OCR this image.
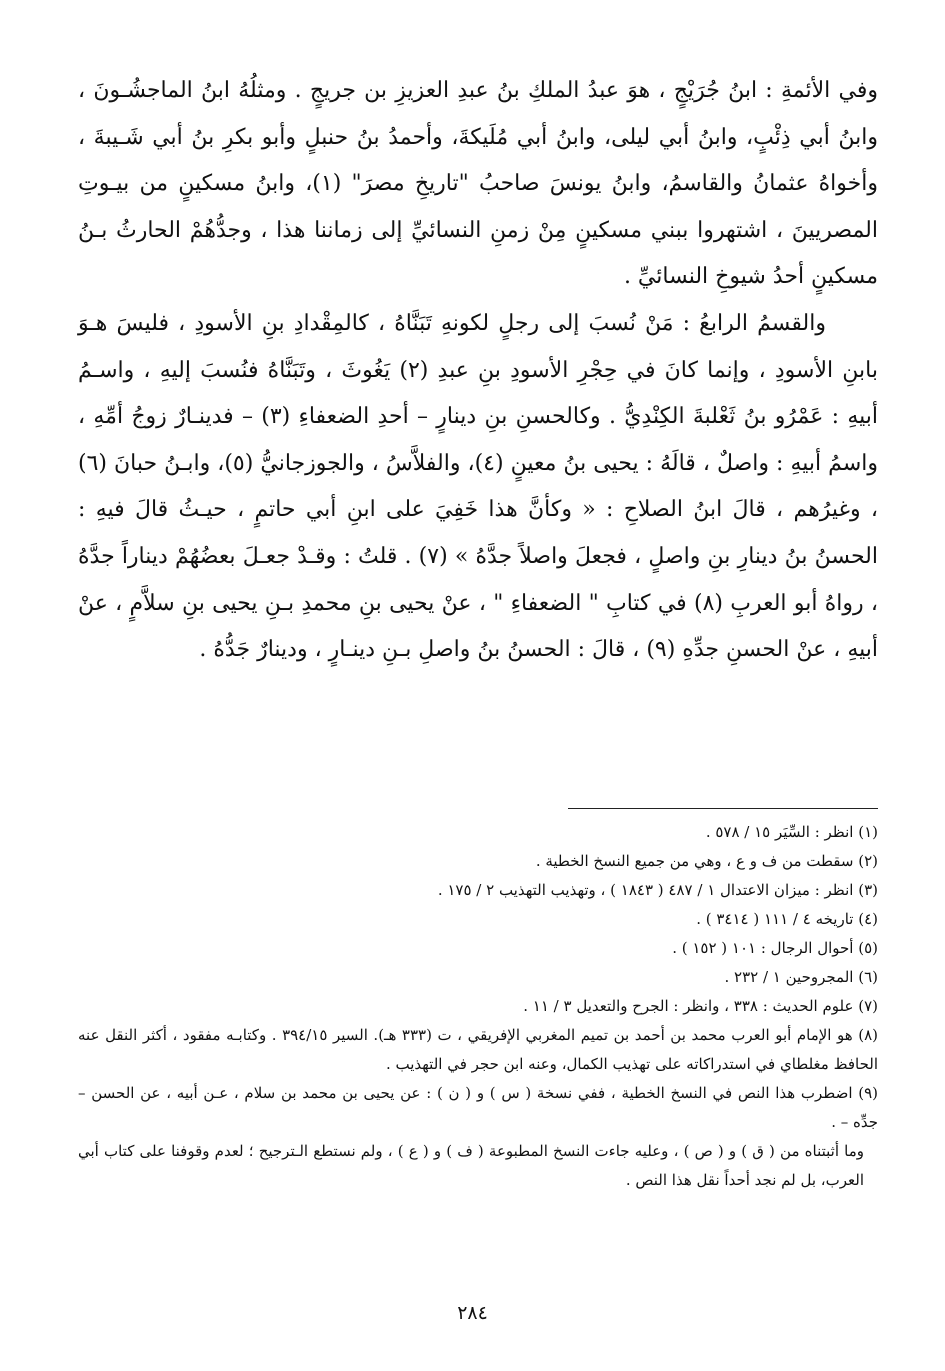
وفي الأئمةِ : ابنُ جُرَيْجٍ ، هوَ عبدُ الملكِ بنُ عبدِ العزيزِ بن جريجٍ . ومثلُهُ ابنُ الماجشُـونَ ، وابنُ أبي ذِئْبٍ، وابنُ أبي ليلى، وابنُ أبي مُلَيكةَ، وأحمدُ بنُ حنبلٍ وأبو بكرِ بنُ أبي شَـيبةَ ، وأخواهُ عثمانُ والقاسمُ، وابنُ يونسَ صاحبُ "تاريخِ مصرَ" (١)، وابنُ مسكينٍ من بيـوتِ المصريينَ ، اشتهروا ببني مسكينٍ مِنْ زمنِ النسائيِّ إلى زماننا هذا ، وجدُّهُمْ الحارثُ بـنُ مسكينٍ أحدُ شيوخِ النسائيِّ .

والقسمُ الرابعُ : مَنْ نُسبَ إلى رجلٍ لكونهِ تَبَنَّاهُ ، كالمِقْدادِ بنِ الأسودِ ، فليسَ هـوَ بابنِ الأسودِ ، وإنما كانَ في حِجْرِ الأسودِ بنِ عبدِ (٢) يَغُوثَ ، وتَبَنَّاهُ فنُسبَ إليهِ ، واسـمُ أبيهِ : عَمْرُو بنُ ثَعْلبةَ الكِنْدِيُّ . وكالحسنِ بنِ دينارٍ – أحدِ الضعفاءِ (٣) – فدينـارٌ زوجُ أمِّهِ ، واسمُ أبيهِ : واصلٌ ، قالَهُ : يحيى بنُ معينٍ (٤)، والفلاَّسُ ، والجوزجانيُّ (٥)، وابـنُ حبانَ (٦) ، وغيرُهم ، قالَ ابنُ الصلاحِ : « وكأنَّ هذا خَفِيَ على ابنِ أبي حاتمٍ ، حيـثُ قالَ فيهِ : الحسنُ بنُ دينارِ بنِ واصلٍ ، فجعلَ واصلاً جدَّهُ » (٧) . قلتُ : وقـدْ جعـلَ بعضُهُمْ ديناراً جدَّهُ ، رواهُ أبو العربِ (٨) في كتابِ " الضعفاءِ " ، عنْ يحيى بنِ محمدِ بـنِ يحيى بنِ سلاَّمٍ ، عنْ أبيهِ ، عنْ الحسنِ جدِّهِ (٩) ، قالَ : الحسنُ بنُ واصلِ بـنِ دينـارٍ ، ودينارٌ جَدُّهُ .

(١) انظر : السِّيَر ١٥ / ٥٧٨ .

(٢) سقطت من ف و ع ، وهي من جميع النسخ الخطية .

(٣) انظر : ميزان الاعتدال ١ / ٤٨٧ ( ١٨٤٣ ) ، وتهذيب التهذيب ٢ / ١٧٥ .

(٤) تاريخه ٤ / ١١١ ( ٣٤١٤ ) .

(٥) أحوال الرجال : ١٠١ ( ١٥٢ ) .

(٦) المجروحين ١ / ٢٣٢ .

(٧) علوم الحديث : ٣٣٨ ، وانظر : الجرح والتعديل ٣ / ١١ .

(٨) هو الإمام أبو العرب محمد بن أحمد بن تميم المغربي الإفريقي ، ت (٣٣٣ هـ). السير ٣٩٤/١٥ . وكتابـه مفقود ، أكثر النقل عنه الحافظ مغلطاي في استدراكاته على تهذيب الكمال، وعنه ابن حجر في التهذيب .

(٩) اضطرب هذا النص في النسخ الخطية ، ففي نسخة ( س ) و ( ن ) : عن يحيى بن محمد بن سلام ، عـن أبيه ، عن الحسن – جدِّه – .

وما أثبتناه من ( ق ) و ( ص ) ، وعليه جاءت النسخ المطبوعة ( ف ) و ( ع ) ، ولم نستطع الـترجيح ؛ لعدم وقوفنا على كتاب أبي العرب، بل لم نجد أحداً نقل هذا النص .

٢٨٤
